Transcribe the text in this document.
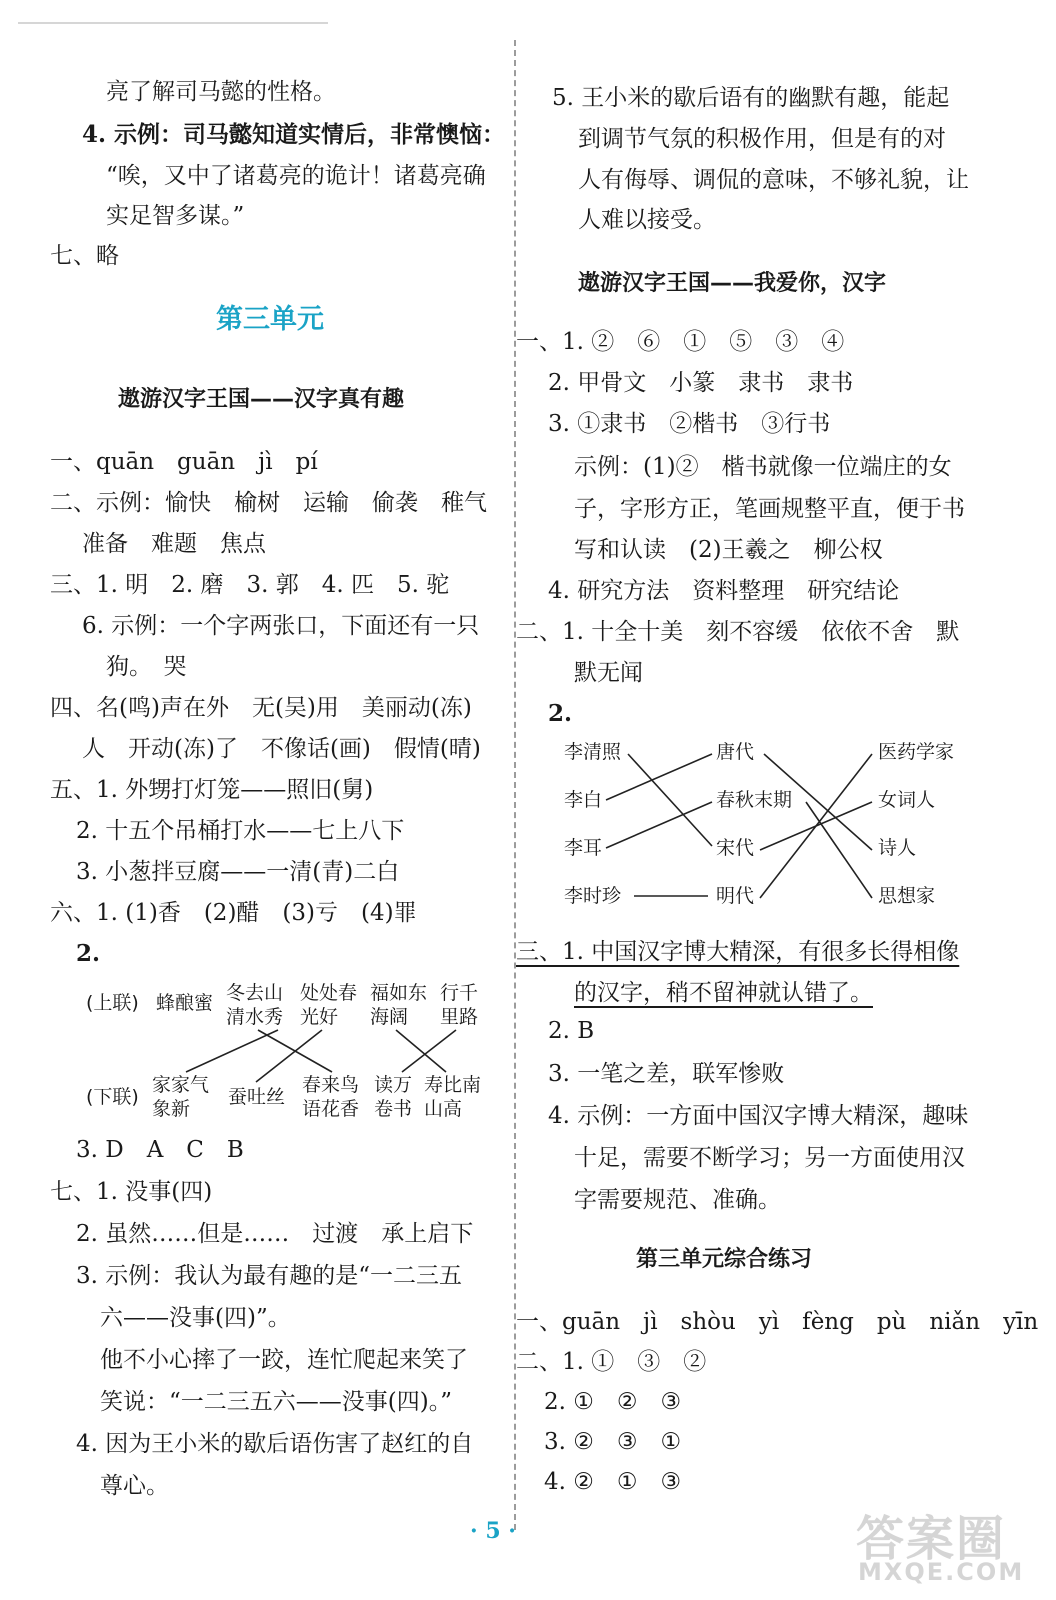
亮了解司马懿的性格。
4. 示例：司马懿知道实情后，非常懊恼：
“唉，又中了诸葛亮的诡计！诸葛亮确
实足智多谋。”
七、略
第三单元
遨游汉字王国——汉字真有趣
一、quān　guān　jì　pí
二、示例：愉快　榆树　运输　偷袭　稚气
准备　难题　焦点
三、1. 明　2. 磨　3. 郭　4. 匹　5. 驼
6. 示例：一个字两张口，下面还有一只
狗。　哭
四、名(鸣)声在外　无(吴)用　美丽动(冻)
人　开动(冻)了　不像话(画)　假情(晴)
五、1. 外甥打灯笼——照旧(舅)
2. 十五个吊桶打水——七上八下
3. 小葱拌豆腐——一清(青)二白
六、1. (1)香　(2)醋　(3)亏　(4)罪
2.
(上联) 蜂酿蜜 冬去山
清水秀
处处春
光好
福如东
海阔
行千
里路
(下联)
家家气
象新
蚕吐丝
春来鸟
语花香
读万
卷书
寿比南
山高
3. D　A　C　B
七、1. 没事(四)
2. 虽然……但是……　过渡　承上启下
3. 示例：我认为最有趣的是“一二三五
六——没事(四)”。
他不小心摔了一跤，连忙爬起来笑了
笑说：“一二三五六——没事(四)。”
4. 因为王小米的歇后语伤害了赵红的自
尊心。
5. 王小米的歇后语有的幽默有趣，能起
到调节气氛的积极作用，但是有的对
人有侮辱、调侃的意味，不够礼貌，让
人难以接受。
遨游汉字王国——我爱你，汉字
一、1. ②　⑥　①　⑤　③　④
2. 甲骨文　小篆　隶书　隶书
3. ①隶书　②楷书　③行书
示例：(1)②　楷书就像一位端庄的女
子，字形方正，笔画规整平直，便于书
写和认读　(2)王羲之　柳公权
4. 研究方法　资料整理　研究结论
二、1. 十全十美　刻不容缓　依依不舍　默
默无闻
2.
李清照
李白
李耳
李时珍
唐代
春秋末期
宋代
明代
医药学家
女词人
诗人
思想家
三、1. 中国汉字博大精深，有很多长得相像
的汉字，稍不留神就认错了。
2. B
3. 一笔之差，联军惨败
4. 示例：一方面中国汉字博大精深，趣味
十足，需要不断学习；另一方面使用汉
字需要规范、准确。
第三单元综合练习
一、guān　jì　shòu　yì　fèng　pù　niǎn　yīn
二、1. ①　③　②
2. ①　②　③
3. ②　③　①
4. ②　①　③
· 5 ·	答案圈
MXQE.COM
